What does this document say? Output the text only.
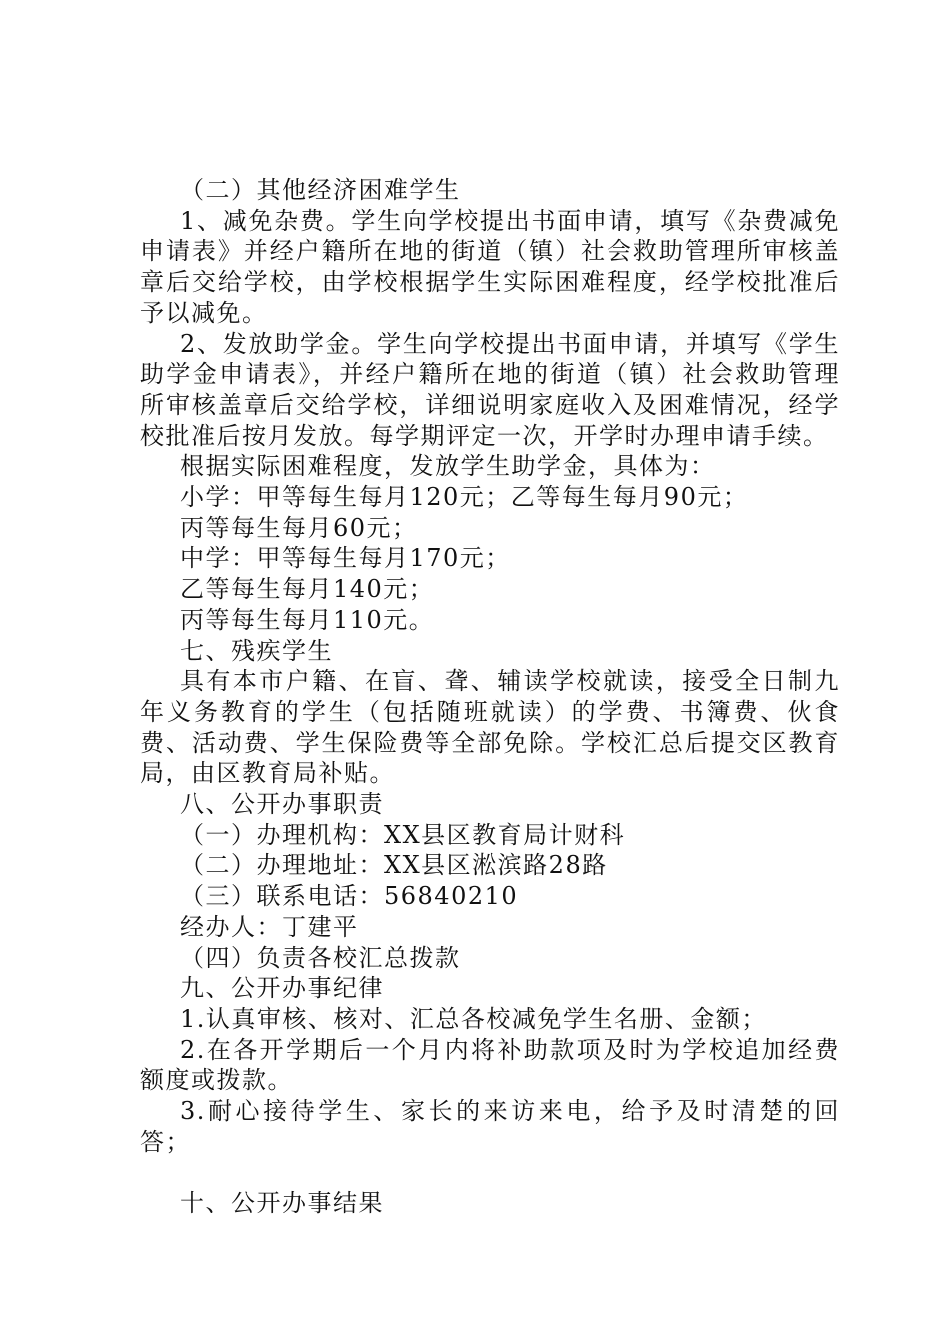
（二）其他经济困难学生

1、减免杂费。学生向学校提出书面申请，填写《杂费减免申请表》并经户籍所在地的街道（镇）社会救助管理所审核盖章后交给学校，由学校根据学生实际困难程度，经学校批准后予以减免。

2、发放助学金。学生向学校提出书面申请，并填写《学生助学金申请表》，并经户籍所在地的街道（镇）社会救助管理所审核盖章后交给学校，详细说明家庭收入及困难情况，经学校批准后按月发放。每学期评定一次，开学时办理申请手续。

根据实际困难程度，发放学生助学金，具体为：

小学：甲等每生每月120元；乙等每生每月90元；

丙等每生每月60元；

中学：甲等每生每月170元；

乙等每生每月140元；

丙等每生每月110元。

七、残疾学生

具有本市户籍、在盲、聋、辅读学校就读，接受全日制九年义务教育的学生（包括随班就读）的学费、书簿费、伙食费、活动费、学生保险费等全部免除。学校汇总后提交区教育局，由区教育局补贴。

八、公开办事职责

（一）办理机构：XX县区教育局计财科

（二）办理地址：XX县区淞滨路28路

（三）联系电话：56840210

经办人：丁建平

（四）负责各校汇总拨款

九、公开办事纪律

1.认真审核、核对、汇总各校减免学生名册、金额；

2.在各开学期后一个月内将补助款项及时为学校追加经费额度或拨款。

3.耐心接待学生、家长的来访来电，给予及时清楚的回答；

十、公开办事结果
